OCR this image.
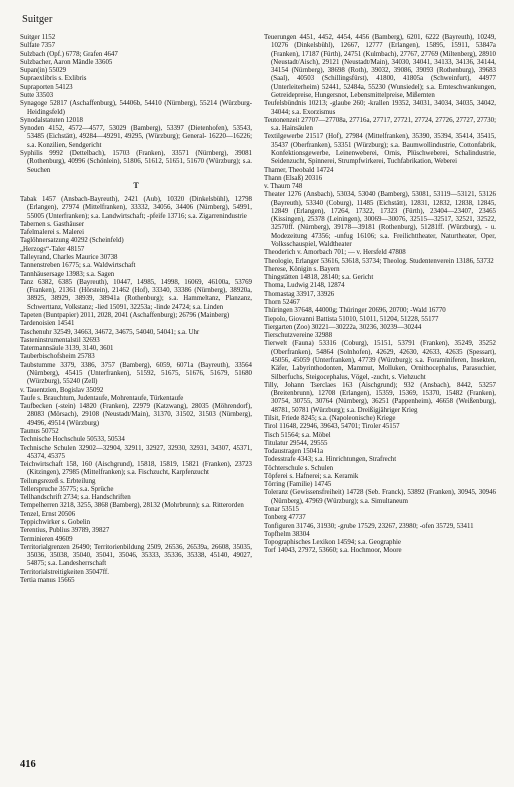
Suitger

Suitger 1152

Sulfate 7357

Sulzbach (Opf.) 6778; Grafen 4647

Sulzbacher, Aaron Mändle 33605

Supan(in) 55029

Supraexlibris s. Exlibris

Supraporten 54123

Sutte 33503

Synagoge 52817 (Aschaffenburg), 54406b, 54410 (Nürnberg), 55214 (Würzburg-Heidingsfeld)

Synodalstatuten 12018

Synoden 4152, 4572—4577, 53029 (Bamberg), 53397 (Dietenhofen), 53543, 53485 (Eichstätt), 49284—49291, 49295, (Würzburg); General- 16220—16226; s.a. Konzilien, Sendgericht

Syphilis 9992 (Dettelbach), 15703 (Franken), 33571 (Nürnberg), 39081 (Rothenburg), 40996 (Schönlein), 51806, 51612, 51651, 51670 (Würzburg); s.a. Seuchen

T

Tabak 1457 (Ansbach-Bayreuth), 2421 (Aub), 10320 (Dinkelsbühl), 12798 (Erlangen), 27974 (Mittelfranken), 33332, 34056, 34406 (Nürnberg), 54991, 55005 (Unterfranken); s.a. Landwirtschaft; -pfeife 13716; s.a. Zigarrenindustrie

Tabernen s. Gasthäuser

Tafelmalerei s. Malerei

Taglöhnersatzung 40292 (Scheinfeld)

„Herzogs“-Taler 48157

Talleyrand, Charles Maurice 30738

Tannenstreben 16775; s.a. Waldwirtschaft

Tannhäusersage 13983; s.a. Sagen

Tanz 6382, 6385 (Bayreuth), 10447, 14985, 14998, 16069, 46100a, 53769 (Franken), 21361 (Hörstein), 21462 (Hof), 33340, 33386 (Nürnberg), 38920a, 38925, 38929, 38939, 38941a (Rothenburg); s.a. Hammeltanz, Planzanz, Schwerttanz, Volkstanz; -lied 15091, 32253a; -linde 24724; s.a. Linden

Tapeten (Buntpapier) 2011, 2028, 2041 (Aschaffenburg); 26796 (Mainberg)

Tardenoisien 14541

Taschenuhr 32549, 34663, 34672, 34675, 54040, 54041; s.a. Uhr

Tasteninstrumentalstil 32693

Tatermannsäule 3139, 3140, 3601

Tauberbischofsheim 25783

Taubstumme 3379, 3386, 3757 (Bamberg), 6059, 6071a (Bayreuth), 33564 (Nürnberg), 45415 (Unterfranken), 51592, 51675, 51676, 51679, 51680 (Würzburg), 55240 (Zell)

v. Tauentzien, Bogislav 35092

Taufe s. Brauchtum, Judentaufe, Mohrentaufe, Türkentaufe

Taufbecken (-stein) 14820 (Franken), 22979 (Katzwang), 28035 (Möhrendorf), 28083 (Mörsach), 29108 (Neustadt/Main), 31370, 31502, 31503 (Nürnberg), 49496, 49514 (Würzburg)

Taunus 50752

Technische Hochschule 50533, 50534

Technische Schulen 32902—32904, 32911, 32927, 32930, 32931, 34307, 45371, 45374, 45375

Teichwirtschaft 158, 160 (Aischgrund), 15818, 15819, 15821 (Franken), 23723 (Kitzingen), 27985 (Mittelfranken); s.a. Fischzucht, Karpfenzucht

Teilungsrezeß s. Erbteilung

Tellerspruche 35775; s.a. Sprüche

Tellhandschrift 2734; s.a. Handschriften

Tempelherren 3218, 3255, 3868 (Bamberg), 28132 (Mohrbrunn); s.a. Ritterorden

Tenzel, Ernst 20506

Teppichwirker s. Gobelin

Terentius, Publius 39789, 39827

Terminieren 49609

Territorialgrenzen 26490; Territorienbildung 2509, 26536, 26539a, 26608, 35035, 35036, 35038, 35040, 35041, 35046, 35333, 35336, 35338, 45140, 49027, 54875; s.a. Landesherrschaft

Territorialstreitigkeiten 35047ff.

Tertia manus 15665

Teuerungen 4451, 4452, 4454, 4456 (Bamberg), 6201, 6222 (Bayreuth), 10249, 10276 (Dinkelsbühl), 12667, 12777 (Erlangen), 15895, 15911, 53847a (Franken), 17187 (Fürth), 24751 (Kulmbach), 27767, 27769 (Miltenberg), 28910 (Neustadt/Aisch), 29121 (Neustadt/Main), 34030, 34041, 34133, 34136, 34144, 34154 (Nürnberg), 38698 (Roth), 39032, 39086, 39093 (Rothenburg), 39683 (Saal), 40503 (Schillingsfürst), 41800, 41805a (Schweinfurt), 44977 (Unterleiterheim) 52441, 52484a, 55230 (Wunsiedel); s.a. Ernteschwankungen, Getreidepreise, Hungersnot, Lebensmittelpreise, Mißernten

Teufelsbündnis 10213; -glaube 260; -krallen 19352, 34031, 34034, 34035, 34042, 34044; s.a. Exorzismus

Teutonenzeit 27707—27708a, 27716a, 27717, 27721, 27724, 27726, 27727, 27730; s.a. Hainsäulen

Textilgewerbe 21517 (Hof), 27984 (Mittelfranken), 35390, 35394, 35414, 35415, 35437 (Oberfranken), 53351 (Würzburg); s.a. Baumwollindustrie, Cottonfabrik, Konfektionsgewerbe, Leinenweberei, Ornis, Plüschweberei, Schalindustrie, Seidenzucht, Spinnerei, Strumpfwirkerei, Tuchfabrikation, Weberei

Thamer, Theobald 14724

Thann (Elsaß) 20316

v. Thaurn 748

Theater 1276 (Ansbach), 53034, 53040 (Bamberg), 53081, 53119—53121, 53126 (Bayreuth), 53340 (Coburg), 11485 (Eichstätt), 12831, 12832, 12838, 12845, 12849 (Erlangen), 17264, 17322, 17323 (Fürth), 23404—23407, 23465 (Kissingen), 25378 (Leiningen), 30069—30076, 32515—32517, 32521, 32522, 32570ff. (Nürnberg), 39178—39181 (Rothenburg), 51281ff. (Würzburg), - u. Modezeitung 47356; -unfug 16106; s.a. Freilichttheater, Naturtheater, Oper, Volksschauspiel, Waldtheater

Theoderich v. Amorbach 701; — v. Hersfeld 47808

Theologie, Erlanger 53616, 53618, 53734; Theolog. Studentenverein 13186, 53732

Therese, Königin s. Bayern

Thingstätten 14818, 28140; s.a. Gericht

Thoma, Ludwig 2148, 12874

Thomastag 33917, 33926

Thorn 52467

Thüringen 37648, 44000g; Thüringer 20696, 20700; -Wald 16770

Tiepolo, Giovanni Battista 51010, 51011, 51204, 51228, 55177

Tiergarten (Zoo) 30221—30222a, 30236, 30239—30244

Tierschutzvereine 32988

Tierwelt (Fauna) 53316 (Coburg), 15151, 53791 (Franken), 35249, 35252 (Oberfranken), 54864 (Solnhofen), 42629, 42630, 42633, 42635 (Spessart), 45056, 45059 (Unterfranken), 47739 (Würzburg); s.a. Foraminiferen, Insekten, Käfer, Labyrinthodonten, Mammut, Molluken, Ornithocephalus, Parasuchier, Silberfuchs, Steigocephalus, Vögel, -zucht, s. Viehzucht

Tilly, Johann Tserclaes 163 (Aischgrund); 932 (Ansbach), 8442, 53257 (Breitenbrunn), 12708 (Erlangen), 15359, 15369, 15370, 15482 (Franken), 30754, 30755, 30764 (Nürnberg), 36251 (Pappenheim), 46658 (Weißenburg), 48781, 50781 (Würzburg); s.a. Dreißigjähriger Krieg

Tilsit, Friede 8245; s.a. (Napoleonische) Kriege

Tirol 11648, 22946, 39643, 54701; Tiroler 45157

Tisch 51564; s.a. Möbel

Titulatur 29544, 29555

Todaustragen 15041a

Todesstrafe 4343; s.a. Hinrichtungen, Strafrecht

Töchterschule s. Schulen

Töpferei s. Hafnerei; s.a. Keramik

Törring (Familie) 14745

Toleranz (Gewissensfreiheit) 14728 (Seb. Franck), 53892 (Franken), 30945, 30946 (Nürnberg), 47969 (Würzburg); s.a. Simultaneum

Tonar 53515

Tonberg 47737

Tonfiguren 31746, 31930; -grube 17529, 23267, 23980; -ofen 35729, 53411

Topfhelm 38304

Topographisches Lexikon 14594; s.a. Geographie

Torf 14043, 27972, 53660; s.a. Hochmoor, Moore

416
